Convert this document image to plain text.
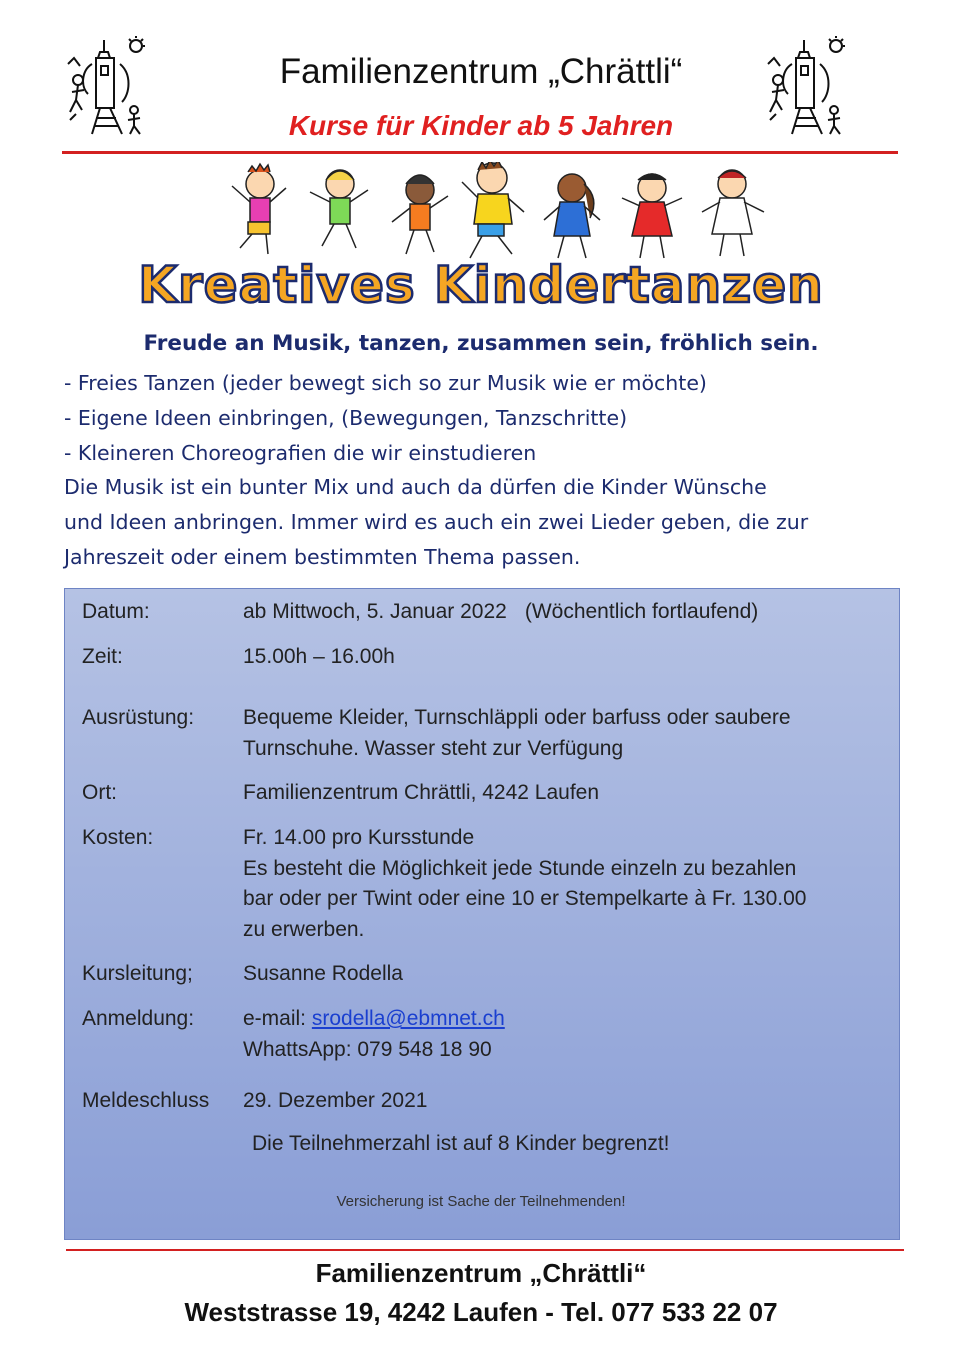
Familienzentrum „Chrättli“
Kurse für Kinder ab 5 Jahren
Kreatives Kindertanzen
Freude an Musik, tanzen, zusammen sein, fröhlich sein.
- Freies Tanzen (jeder bewegt sich so zur Musik wie er möchte)
- Eigene Ideen einbringen, (Bewegungen, Tanzschritte)
- Kleineren Choreografien die wir einstudieren
Die Musik ist ein bunter Mix und auch da dürfen die Kinder Wünsche
und Ideen anbringen. Immer wird es auch ein zwei Lieder geben, die zur
Jahreszeit oder einem bestimmten Thema passen.
Datum:	ab Mittwoch, 5. Januar 2022 (Wöchentlich fortlaufend)
Zeit:	15.00h – 16.00h
Ausrüstung: Bequeme Kleider, Turnschläppli oder barfuss oder saubere
Turnschuhe. Wasser steht zur Verfügung
Ort:	Familienzentrum Chrättli, 4242 Laufen
Kosten:	Fr. 14.00 pro Kursstunde
Es besteht die Möglichkeit jede Stunde einzeln zu bezahlen
bar oder per Twint oder eine 10 er Stempelkarte à Fr. 130.00
zu erwerben.
Kursleitung; Susanne Rodella
Anmeldung: e-mail: srodella@ebmnet.ch
WhattsApp: 079 548 18 90
Meldeschluss 29. Dezember 2021
Die Teilnehmerzahl ist auf 8 Kinder begrenzt!
Versicherung ist Sache der Teilnehmenden!
Familienzentrum „Chrättli“
Weststrasse 19, 4242 Laufen - Tel. 077 533 22 07
